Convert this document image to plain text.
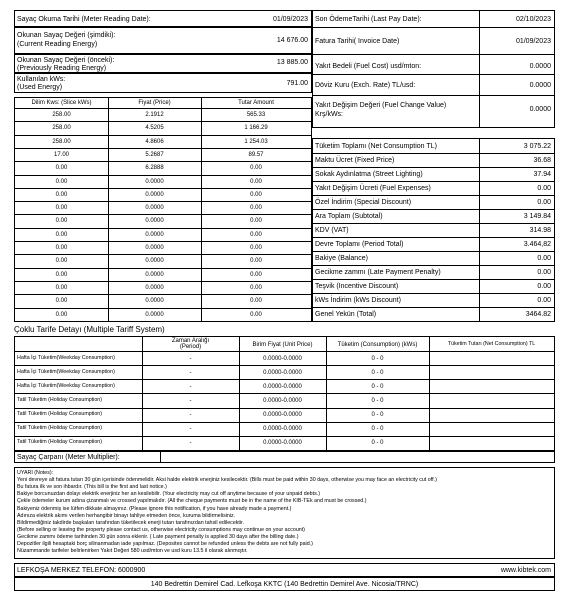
Sayaç Okuma Tarihi (Meter Reading Date):	01/09/2023
Okunan Sayaç Değeri (şimdiki):
(Current Reading Energy)
14 676.00
Okunan Sayaç Değeri (önceki):
(Previously Reading Energy)
13 885.00
Kullanılan kWs:
(Used Energy)
791.00
Dilim Kws: (Slice kWs)	Fiyat (Price)	Tutar Amount
258.00	2.1912	565.33
258.00	4.5205	1 166.29
258.00	4.8606	1 254.03
17.00	5.2687	89.57
0.00	6.2888	0.00
0.00	0.0000	0.00
0.00	0.0000	0.00
0.00	0.0000	0.00
0.00	0.0000	0.00
0.00	0.0000	0.00
0.00	0.0000	0.00
0.00	0.0000	0.00
0.00	0.0000	0.00
0.00	0.0000	0.00
0.00	0.0000	0.00
0.00	0.0000	0.00
Son ÖdemeTarihi (Last Pay Date):	02/10/2023
Fatura Tarihi( Invoice Date)	01/09/2023
Yakıt Bedeli (Fuel Cost) usd/mton:	0.0000
Döviz Kuru (Exch. Rate) TL/usd:	0.0000
Yakıt Değişim Değeri (Fuel Change Value)
Krş/kWs:
0.0000
Tüketim Toplamı (Net Consumption TL)	3 075.22
Maktu Ücret (Fixed Price)	36.68
Sokak Aydınlatma (Street Lighting)	37.94
Yakıt Değişim Ücreti (Fuel Expenses)	0.00
Özel İndirim (Special Discount)	0.00
Ara Toplam (Subtotal)	3 149.84
KDV (VAT)	314.98
Devre Toplamı (Period Total)	3.464,82
Bakiye (Balance)	0.00
Gecikme zammı (Late Payment Penalty)	0.00
Teşvik (Incentive Discount)	0.00
kWs İndirim (kWs Discount)	0.00
Genel Yekün (Total)	3464.82
Çoklu Tarife Detayı (Multiple Tariff System)
Zaman Aralığı
(Period)	Birim Fiyat (Unit Price)	Tüketim (Consumption) (kWs)	Tüketim Tutarı (Net Consumption) TL
Hafta İçi Tüketim(Weekday Consumption)	-	0.0000-0.0000	0 - 0
Hafta İçi Tüketim(Weekday Consumption)	-	0.0000-0.0000	0 - 0
Hafta İçi Tüketim(Weekday Consumption)	-	0.0000-0.0000	0 - 0
Tatil Tüketim (Holiday Consumption)	-	0.0000-0.0000	0 - 0
Tatil Tüketim (Holiday Consumption)	-	0.0000-0.0000	0 - 0
Tatil Tüketim (Holiday Consumption)	-	0.0000-0.0000	0 - 0
Tatil Tüketim (Holiday Consumption)	-	0.0000-0.0000	0 - 0
Sayaç Çarpanı (Meter Multiplier):
UYARI (Notes):
Yeni devreye alt fatura tutarı 30 gün içerisinde ödenmelidir. Aksi halde elektrik enerjiniz kesilecektir. (Bills must be paid within 30 days, otherwise you may face an electricity cut off.)
Bu fatura ilk ve son ihbardır. (This bill is the first and last notice.)
Bakiye borcunuzdan dolayı elektrik enerjiniz her an kesilebilir. (Your electricity may cut off anytime because of your unpaid debts.)
Çekle ödemeler kurum adına çizanmalı ve crossed yapılmalıdır. (All the cheque payments must be in the name of the KIB-TEk and must be crossed.)
Bakiyeniz ödenmiş ise lütfen dikkate almayınız. (Please ignore this notification, if you have already made a payment.)
Adınıza elektrik akımı verilen herhangibir binayı tahliye etmeden önce, kuruma bildirmelisiniz.
Bildirmediğiniz takdirde başkaları tarafından tüketilecek enerji tutarı tarafınızdan tahsil edilecektir.
(Before selling or leaving the property please contact us, otherwise electricity consumptions may continue on your account)
Gecikme zammı ödeme tarihinden 30 gün sonra eklenir. ( Late payment penalty is applied 30 days after the billing date.)
Depozitler ilgili hesaptaki borç silinanmadan iade yapılmaz. (Deposites cannot be refunded unless the debts are not fully paid.)
Nüzammande tarifeler belirlenirken Yakıt Değeri 580 usd/mton ve usd kuru 13.5 il olarak alınmıştır.
LEFKOŞA MERKEZ TELEFON: 6000900	www.kibtek.com
140 Bedrettin Demirel Cad. Lefkoşa KKTC (140 Bedrettin Demirel Ave. Nicosia/TRNC)
